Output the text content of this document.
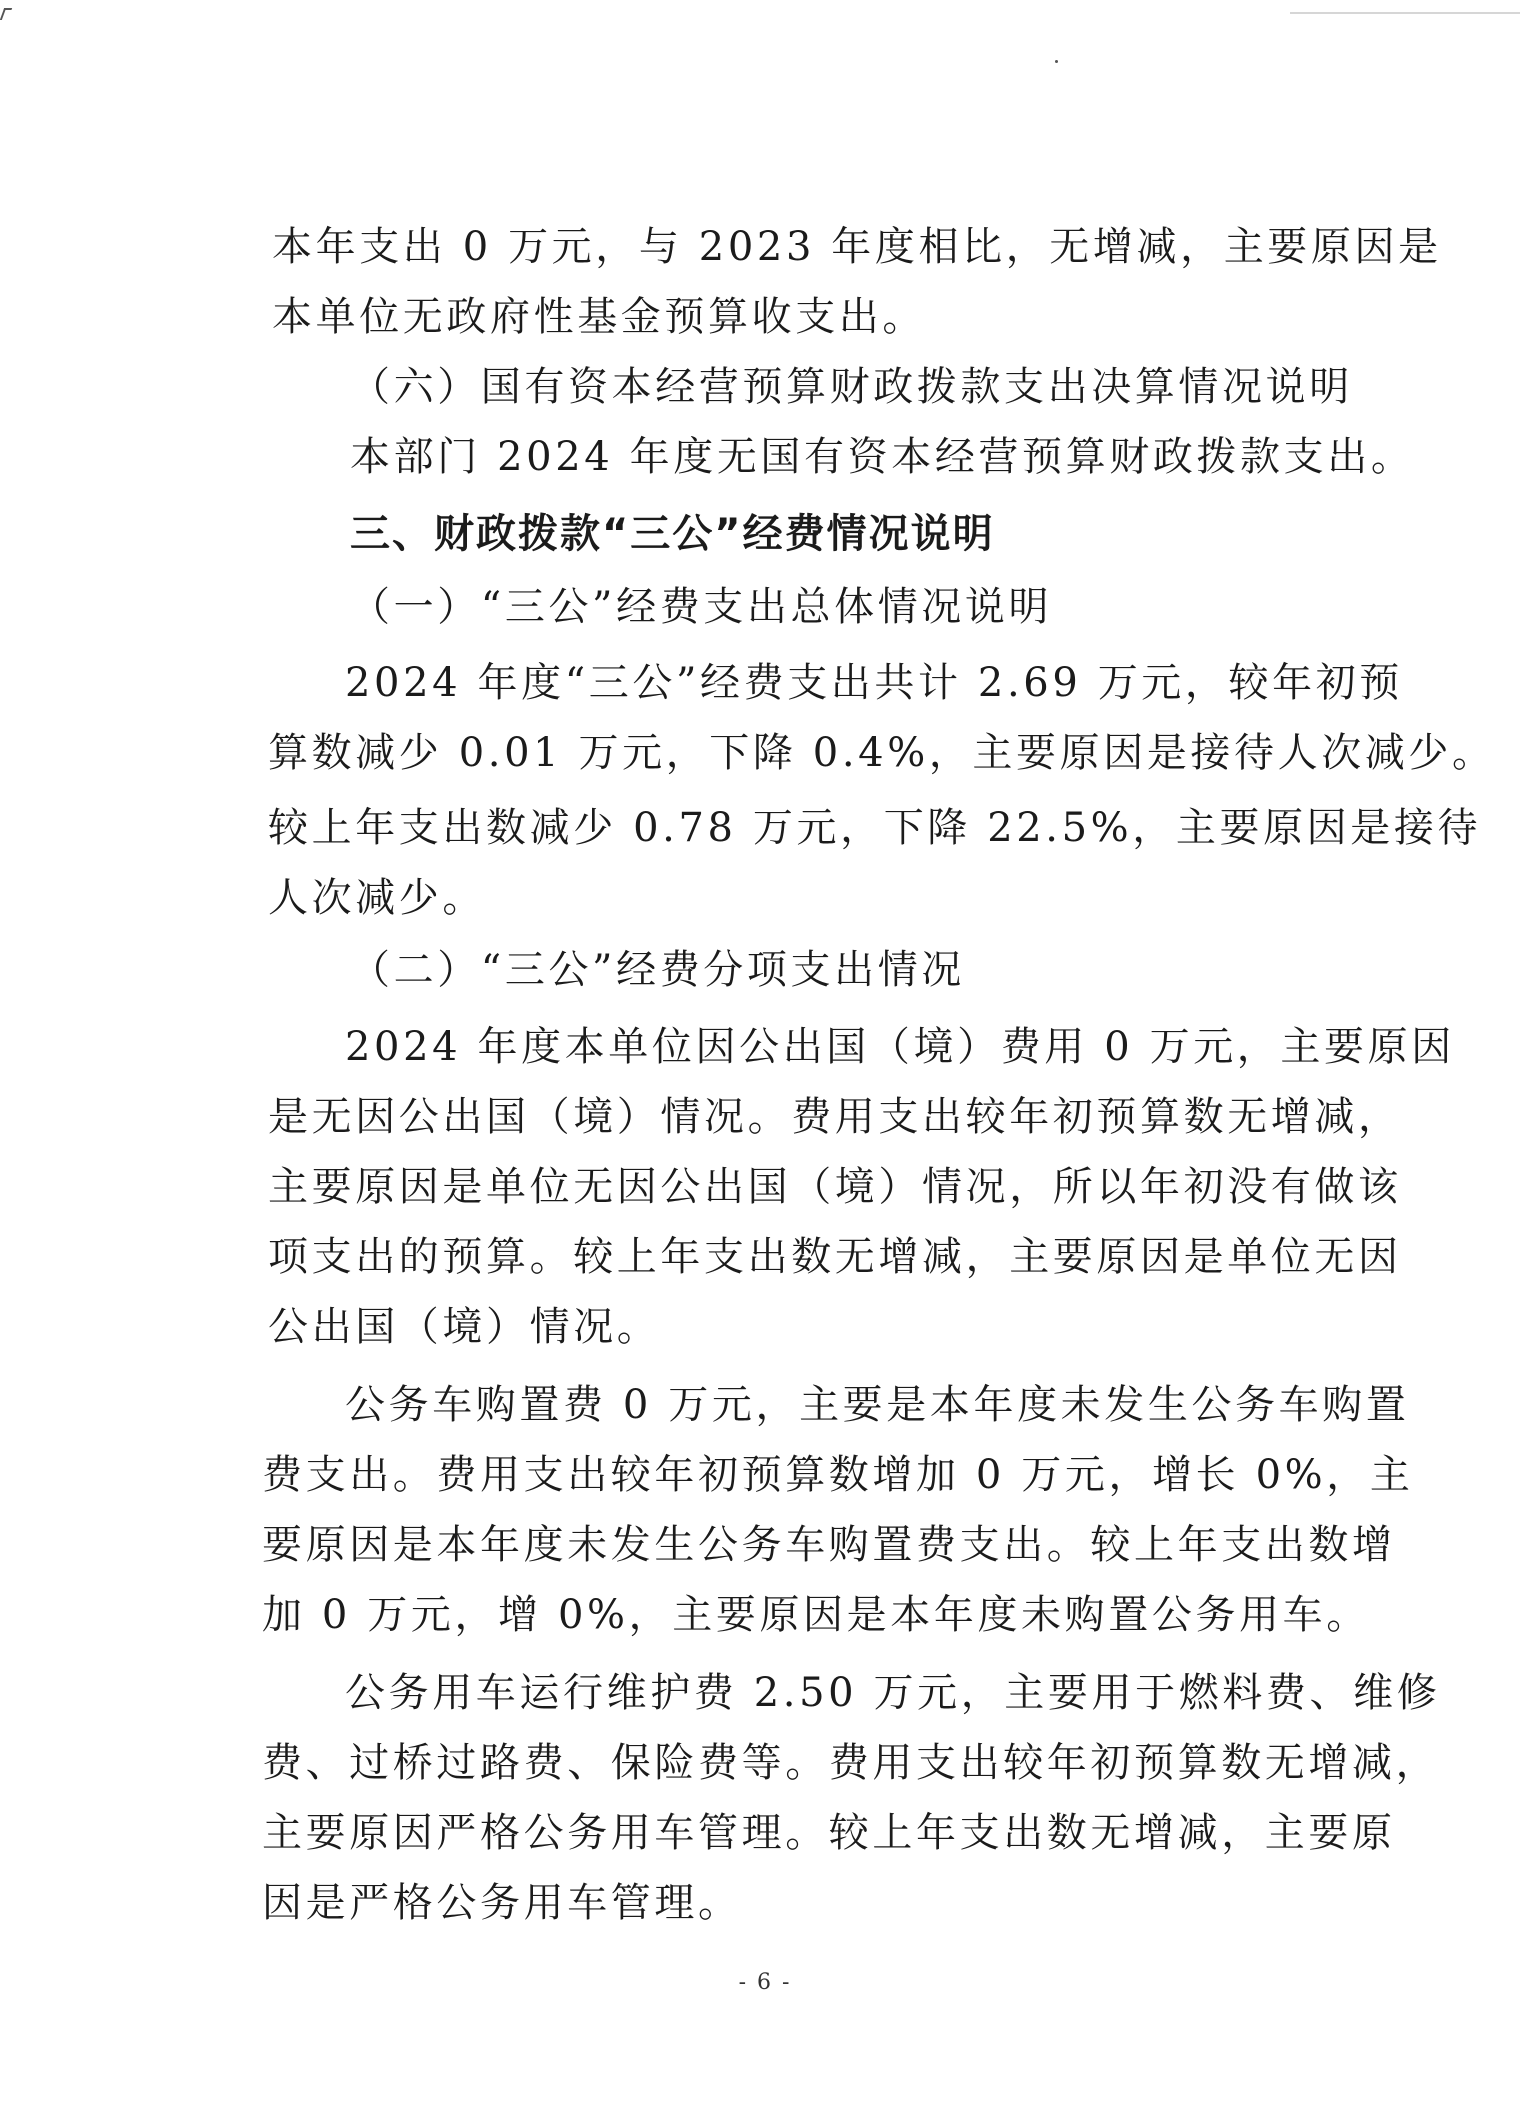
本年支出 0 万元，与 2023 年度相比，无增减，主要原因是
本单位无政府性基金预算收支出。
（六）国有资本经营预算财政拨款支出决算情况说明
本部门 2024 年度无国有资本经营预算财政拨款支出。
三、财政拨款“三公”经费情况说明
（一）“三公”经费支出总体情况说明
2024 年度“三公”经费支出共计 2.69 万元，较年初预
算数减少 0.01 万元，下降 0.4%，主要原因是接待人次减少。
较上年支出数减少 0.78 万元，下降 22.5%，主要原因是接待
人次减少。
（二）“三公”经费分项支出情况
2024 年度本单位因公出国（境）费用 0 万元，主要原因
是无因公出国（境）情况。费用支出较年初预算数无增减，
主要原因是单位无因公出国（境）情况，所以年初没有做该
项支出的预算。较上年支出数无增减，主要原因是单位无因
公出国（境）情况。
公务车购置费 0 万元，主要是本年度未发生公务车购置
费支出。费用支出较年初预算数增加 0 万元，增长 0%，主
要原因是本年度未发生公务车购置费支出。较上年支出数增
加 0 万元，增 0%，主要原因是本年度未购置公务用车。
公务用车运行维护费 2.50 万元，主要用于燃料费、维修
费、过桥过路费、保险费等。费用支出较年初预算数无增减，
主要原因严格公务用车管理。较上年支出数无增减，主要原
因是严格公务用车管理。
- 6 -
